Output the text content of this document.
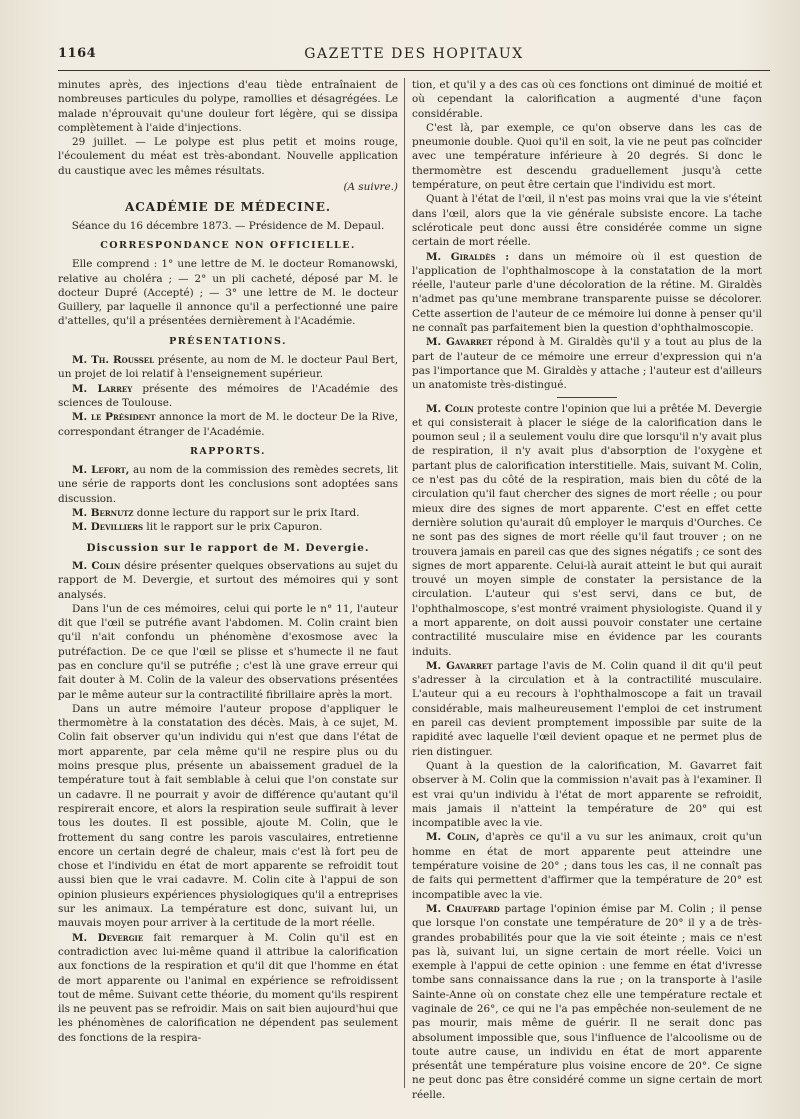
1164	GAZETTE DES HOPITAUX

minutes après, des injections d'eau tiède entraînaient de nombreuses particules du polype, ramollies et désagrégées. Le malade n'éprouvait qu'une douleur fort légère, qui se dissipa complètement à l'aide d'injections.

29 juillet. — Le polype est plus petit et moins rouge, l'écoulement du méat est très-abondant. Nouvelle application du caustique avec les mêmes résultats.

(A suivre.)

ACADÉMIE DE MÉDECINE.

Séance du 16 décembre 1873. — Présidence de M. Depaul.

CORRESPONDANCE NON OFFICIELLE.

Elle comprend : 1° une lettre de M. le docteur Romanowski, relative au choléra ; — 2° un pli cacheté, déposé par M. le docteur Dupré (Accepté) ; — 3° une lettre de M. le docteur Guillery, par laquelle il annonce qu'il a perfectionné une paire d'attelles, qu'il a présentées dernièrement à l'Académie.

PRÉSENTATIONS.

M. Th. Roussel présente, au nom de M. le docteur Paul Bert, un projet de loi relatif à l'enseignement supérieur.

M. Larrey présente des mémoires de l'Académie des sciences de Toulouse.

M. le Président annonce la mort de M. le docteur De la Rive, correspondant étranger de l'Académie.

RAPPORTS.

M. Lefort, au nom de la commission des remèdes secrets, lit une série de rapports dont les conclusions sont adoptées sans discussion.

M. Bernutz donne lecture du rapport sur le prix Itard.

M. Devilliers lit le rapport sur le prix Capuron.

Discussion sur le rapport de M. Devergie.

M. Colin désire présenter quelques observations au sujet du rapport de M. Devergie, et surtout des mémoires qui y sont analysés.

Dans l'un de ces mémoires, celui qui porte le n° 11, l'auteur dit que l'œil se putréfie avant l'abdomen. M. Colin craint bien qu'il n'ait confondu un phénomène d'exosmose avec la putréfaction. De ce que l'œil se plisse et s'humecte il ne faut pas en conclure qu'il se putréfie ; c'est là une grave erreur qui fait douter à M. Colin de la valeur des observations présentées par le même auteur sur la contractilité fibrillaire après la mort.

Dans un autre mémoire l'auteur propose d'appliquer le thermomètre à la constatation des décès. Mais, à ce sujet, M. Colin fait observer qu'un individu qui n'est que dans l'état de mort apparente, par cela même qu'il ne respire plus ou du moins presque plus, présente un abaissement graduel de la température tout à fait semblable à celui que l'on constate sur un cadavre. Il ne pourrait y avoir de différence qu'autant qu'il respirerait encore, et alors la respiration seule suffirait à lever tous les doutes. Il est possible, ajoute M. Colin, que le frottement du sang contre les parois vasculaires, entretienne encore un certain degré de chaleur, mais c'est là fort peu de chose et l'individu en état de mort apparente se refroidit tout aussi bien que le vrai cadavre. M. Colin cite à l'appui de son opinion plusieurs expériences physiologiques qu'il a entreprises sur les animaux. La température est donc, suivant lui, un mauvais moyen pour arriver à la certitude de la mort réelle.

M. Devergie fait remarquer à M. Colin qu'il est en contradiction avec lui-même quand il attribue la calorification aux fonctions de la respiration et qu'il dit que l'homme en état de mort apparente ou l'animal en expérience se refroidissent tout de même. Suivant cette théorie, du moment qu'ils respirent ils ne peuvent pas se refroidir. Mais on sait bien aujourd'hui que les phénomènes de calorification ne dépendent pas seulement des fonctions de la respira-

tion, et qu'il y a des cas où ces fonctions ont diminué de moitié et où cependant la calorification a augmenté d'une façon considérable.

C'est là, par exemple, ce qu'on observe dans les cas de pneumonie double. Quoi qu'il en soit, la vie ne peut pas coïncider avec une température inférieure à 20 degrés. Si donc le thermomètre est descendu graduellement jusqu'à cette température, on peut être certain que l'individu est mort.

Quant à l'état de l'œil, il n'est pas moins vrai que la vie s'éteint dans l'œil, alors que la vie générale subsiste encore. La tache scléroticale peut donc aussi être considérée comme un signe certain de mort réelle.

M. Giraldès : dans un mémoire où il est question de l'application de l'ophthalmoscope à la constatation de la mort réelle, l'auteur parle d'une décoloration de la rétine. M. Giraldès n'admet pas qu'une membrane transparente puisse se décolorer. Cette assertion de l'auteur de ce mémoire lui donne à penser qu'il ne connaît pas parfaitement bien la question d'ophthalmoscopie.

M. Gavarret répond à M. Giraldès qu'il y a tout au plus de la part de l'auteur de ce mémoire une erreur d'expression qui n'a pas l'importance que M. Giraldès y attache ; l'auteur est d'ailleurs un anatomiste très-distingué.

M. Colin proteste contre l'opinion que lui a prêtée M. Devergie et qui consisterait à placer le siége de la calorification dans le poumon seul ; il a seulement voulu dire que lorsqu'il n'y avait plus de respiration, il n'y avait plus d'absorption de l'oxygène et partant plus de calorification interstitielle. Mais, suivant M. Colin, ce n'est pas du côté de la respiration, mais bien du côté de la circulation qu'il faut chercher des signes de mort réelle ; ou pour mieux dire des signes de mort apparente. C'est en effet cette dernière solution qu'aurait dû employer le marquis d'Ourches. Ce ne sont pas des signes de mort réelle qu'il faut trouver ; on ne trouvera jamais en pareil cas que des signes négatifs ; ce sont des signes de mort apparente. Celui-là aurait atteint le but qui aurait trouvé un moyen simple de constater la persistance de la circulation. L'auteur qui s'est servi, dans ce but, de l'ophthalmoscope, s'est montré vraiment physiologiste. Quand il y a mort apparente, on doit aussi pouvoir constater une certaine contractilité musculaire mise en évidence par les courants induits.

M. Gavarret partage l'avis de M. Colin quand il dit qu'il peut s'adresser à la circulation et à la contractilité musculaire. L'auteur qui a eu recours à l'ophthalmoscope a fait un travail considérable, mais malheureusement l'emploi de cet instrument en pareil cas devient promptement impossible par suite de la rapidité avec laquelle l'œil devient opaque et ne permet plus de rien distinguer.

Quant à la question de la calorification, M. Gavarret fait observer à M. Colin que la commission n'avait pas à l'examiner. Il est vrai qu'un individu à l'état de mort apparente se refroidit, mais jamais il n'atteint la température de 20° qui est incompatible avec la vie.

M. Colin, d'après ce qu'il a vu sur les animaux, croit qu'un homme en état de mort apparente peut atteindre une température voisine de 20° ; dans tous les cas, il ne connaît pas de faits qui permettent d'affirmer que la température de 20° est incompatible avec la vie.

M. Chauffard partage l'opinion émise par M. Colin ; il pense que lorsque l'on constate une température de 20° il y a de très-grandes probabilités pour que la vie soit éteinte ; mais ce n'est pas là, suivant lui, un signe certain de mort réelle. Voici un exemple à l'appui de cette opinion : une femme en état d'ivresse tombe sans connaissance dans la rue ; on la transporte à l'asile Sainte-Anne où on constate chez elle une température rectale et vaginale de 26°, ce qui ne l'a pas empêchée non-seulement de ne pas mourir, mais même de guérir. Il ne serait donc pas absolument impossible que, sous l'influence de l'alcoolisme ou de toute autre cause, un individu en état de mort apparente présentât une température plus voisine encore de 20°. Ce signe ne peut donc pas être considéré comme un signe certain de mort réelle.
